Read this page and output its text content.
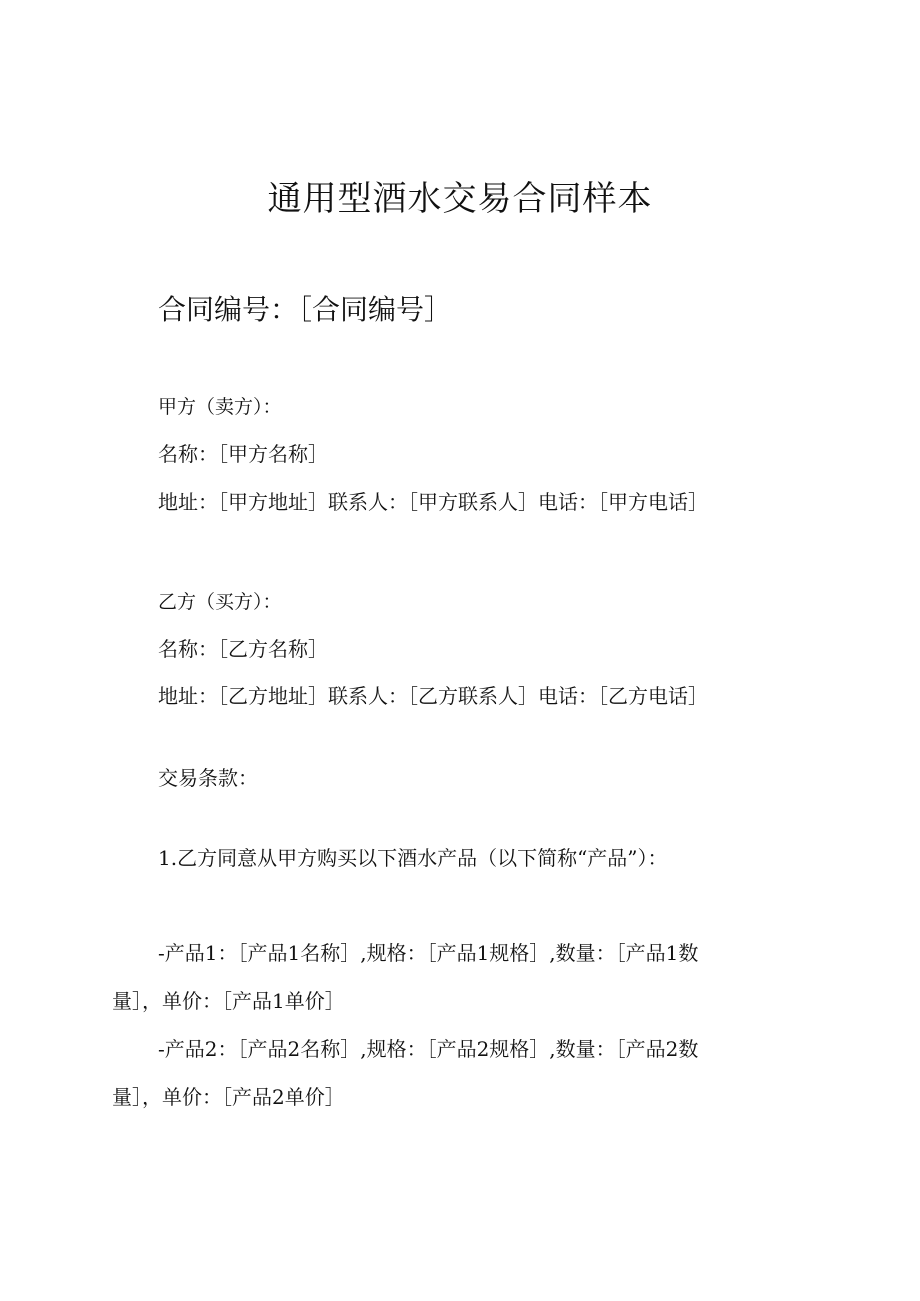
通用型酒水交易合同样本
合同编号：［合同编号］
甲方（卖方）：
名称：［甲方名称］
地址：［甲方地址］联系人：［甲方联系人］电话：［甲方电话］
乙方（买方）：
名称：［乙方名称］
地址：［乙方地址］联系人：［乙方联系人］电话：［乙方电话］
交易条款：
1.乙方同意从甲方购买以下酒水产品（以下简称“产品”）：
-产品1：［产品1名称］,规格：［产品1规格］,数量：［产品1数
量］，单价：［产品1单价］
-产品2：［产品2名称］,规格：［产品2规格］,数量：［产品2数
量］，单价：［产品2单价］
